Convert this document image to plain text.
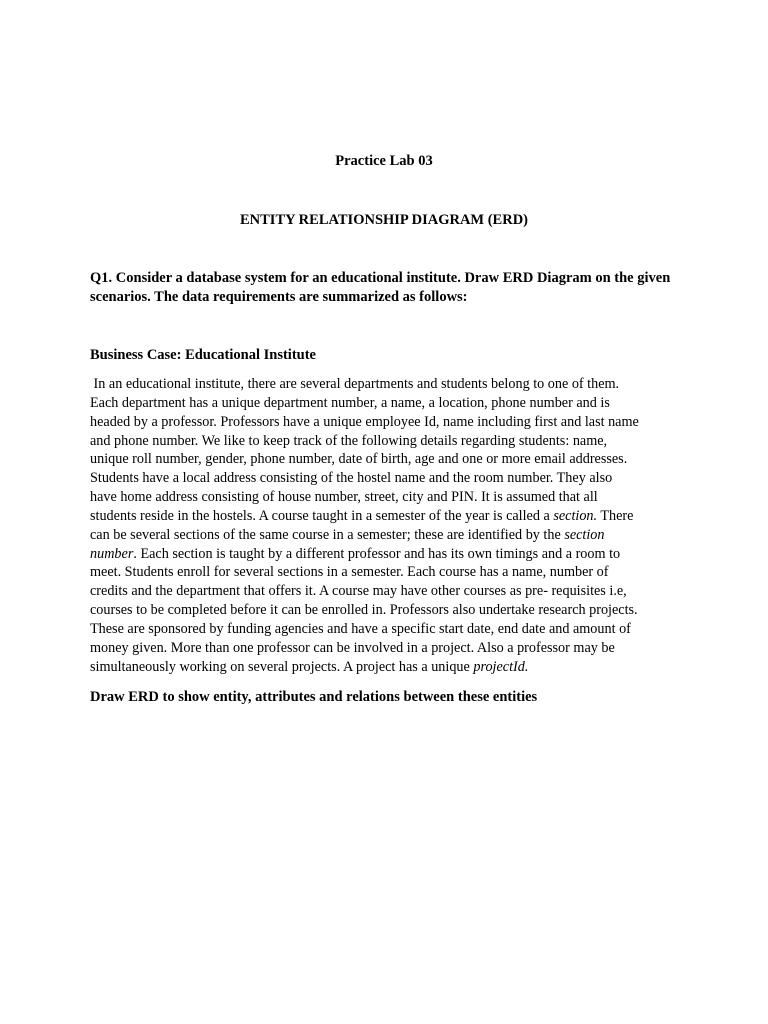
Practice Lab 03
ENTITY RELATIONSHIP DIAGRAM (ERD)

Q1. Consider a database system for an educational institute. Draw ERD Diagram on the given scenarios. The data requirements are summarized as follows:

Business Case: Educational Institute

In an educational institute, there are several departments and students belong to one of them.
Each department has a unique department number, a name, a location, phone number and is
headed by a professor. Professors have a unique employee Id, name including first and last name
and phone number. We like to keep track of the following details regarding students: name,
unique roll number, gender, phone number, date of birth, age and one or more email addresses.
Students have a local address consisting of the hostel name and the room number. They also
have home address consisting of house number, street, city and PIN. It is assumed that all
students reside in the hostels. A course taught in a semester of the year is called a section. There
can be several sections of the same course in a semester; these are identified by the section
number. Each section is taught by a different professor and has its own timings and a room to
meet. Students enroll for several sections in a semester. Each course has a name, number of
credits and the department that offers it. A course may have other courses as pre- requisites i.e,
courses to be completed before it can be enrolled in. Professors also undertake research projects.
These are sponsored by funding agencies and have a specific start date, end date and amount of
money given. More than one professor can be involved in a project. Also a professor may be
simultaneously working on several projects. A project has a unique projectId.

Draw ERD to show entity, attributes and relations between these entities
